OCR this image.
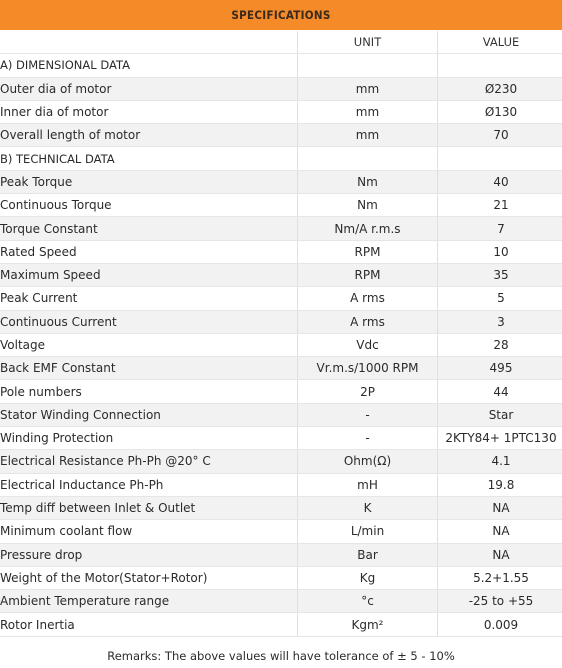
SPECIFICATIONS
	UNIT	VALUE
A) DIMENSIONAL DATA		
Outer dia of motor	mm	Ø230
Inner dia of motor	mm	Ø130
Overall length of motor	mm	70
B) TECHNICAL DATA		
Peak Torque	Nm	40
Continuous Torque	Nm	21
Torque Constant	Nm/A r.m.s	7
Rated Speed	RPM	10
Maximum Speed	RPM	35
Peak Current	A rms	5
Continuous Current	A rms	3
Voltage	Vdc	28
Back EMF Constant	Vr.m.s/1000 RPM	495
Pole numbers	2P	44
Stator Winding Connection	-	Star
Winding Protection	-	2KTY84+ 1PTC130
Electrical Resistance Ph-Ph @20° C	Ohm(Ω)	4.1
Electrical Inductance Ph-Ph	mH	19.8
Temp diff between Inlet & Outlet	K	NA
Minimum coolant flow	L/min	NA
Pressure drop	Bar	NA
Weight of the Motor(Stator+Rotor)	Kg	5.2+1.55
Ambient Temperature range	°c	-25 to +55
Rotor Inertia	Kgm²	0.009
Remarks: The above values will have tolerance of ± 5 - 10%
